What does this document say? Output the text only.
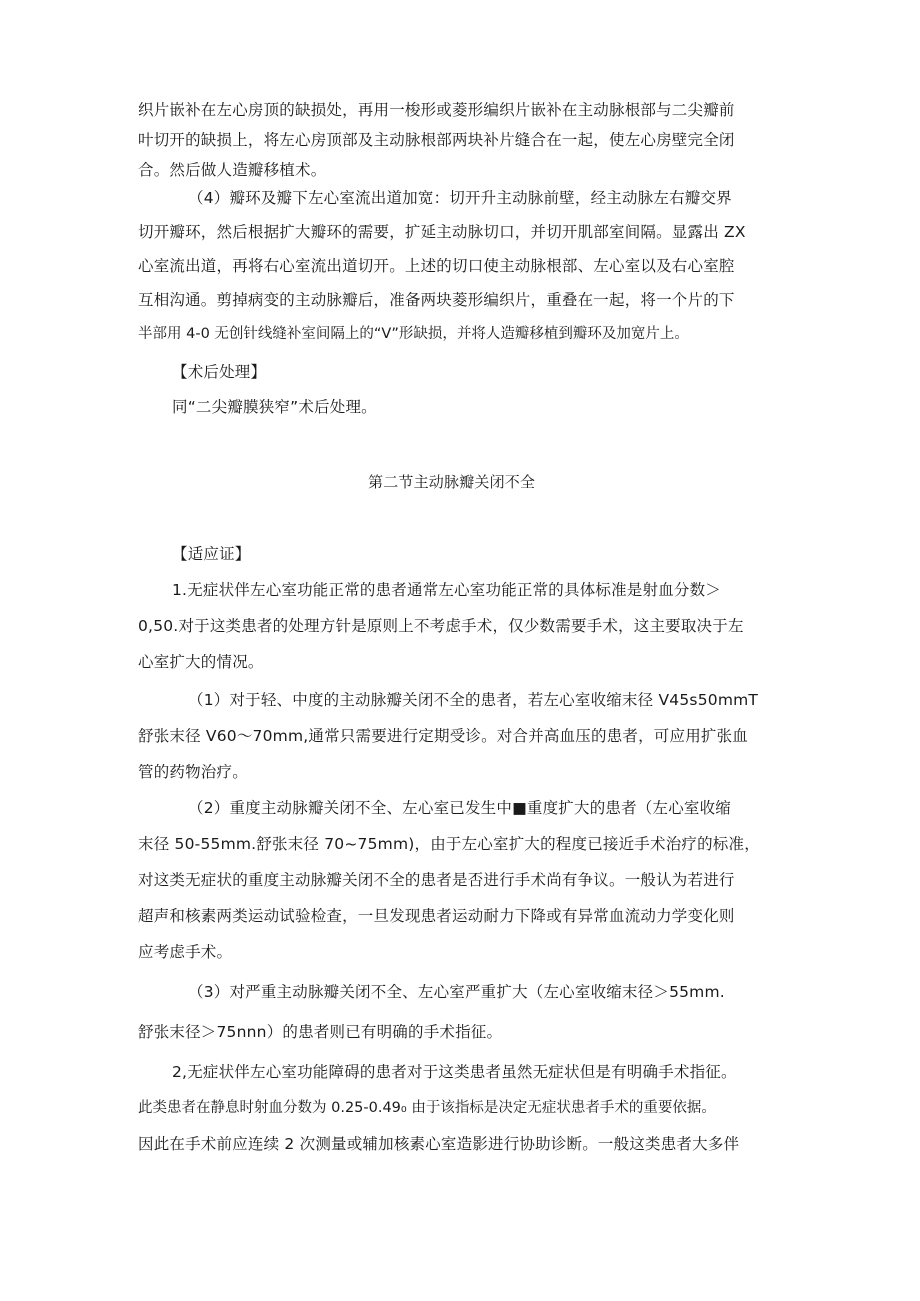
织片嵌补在左心房顶的缺损处，再用一梭形或菱形编织片嵌补在主动脉根部与二尖瓣前

叶切开的缺损上，将左心房顶部及主动脉根部两块补片缝合在一起，使左心房壁完全闭

合。然后做人造瓣移植术。

（4）瓣环及瓣下左心室流出道加宽：切开升主动脉前壁，经主动脉左右瓣交界

切开瓣环，然后根据扩大瓣环的需要，扩延主动脉切口，并切开肌部室间隔。显露出 ZX

心室流出道，再将右心室流出道切开。上述的切口使主动脉根部、左心室以及右心室腔

互相沟通。剪掉病变的主动脉瓣后，准备两块菱形编织片，重叠在一起，将一个片的下

半部用 4-0 无创针线缝补室间隔上的“V”形缺损，并将人造瓣移植到瓣环及加宽片上。

【术后处理】

同“二尖瓣膜狭窄”术后处理。

第二节主动脉瓣关闭不全

【适应证】

1.无症状伴左心室功能正常的患者通常左心室功能正常的具体标准是射血分数＞

0,50.对于这类患者的处理方针是原则上不考虑手术，仅少数需要手术，这主要取决于左

心室扩大的情况。

（1）对于轻、中度的主动脉瓣关闭不全的患者，若左心室收缩末径 V45s50mmT

舒张末径 V60～70mm,通常只需要进行定期受诊。对合并高血压的患者，可应用扩张血

管的药物治疗。

（2）重度主动脉瓣关闭不全、左心室已发生中■重度扩大的患者（左心室收缩

末径 50-55mm.舒张末径 70~75mm)，由于左心室扩大的程度已接近手术治疗的标准，

对这类无症状的重度主动脉瓣关闭不全的患者是否进行手术尚有争议。一般认为若进行

超声和核素两类运动试验检查，一旦发现患者运动耐力下降或有异常血流动力学变化则

应考虑手术。

（3）对严重主动脉瓣关闭不全、左心室严重扩大（左心室收缩末径＞55mm.

舒张末径＞75nnn）的患者则已有明确的手术指征。

2,无症状伴左心室功能障碍的患者对于这类患者虽然无症状但是有明确手术指征。

此类患者在静息时射血分数为 0.25-0.49₀ 由于该指标是决定无症状患者手术的重要依据。

因此在手术前应连续 2 次测量或辅加核素心室造影进行协助诊断。一般这类患者大多伴
